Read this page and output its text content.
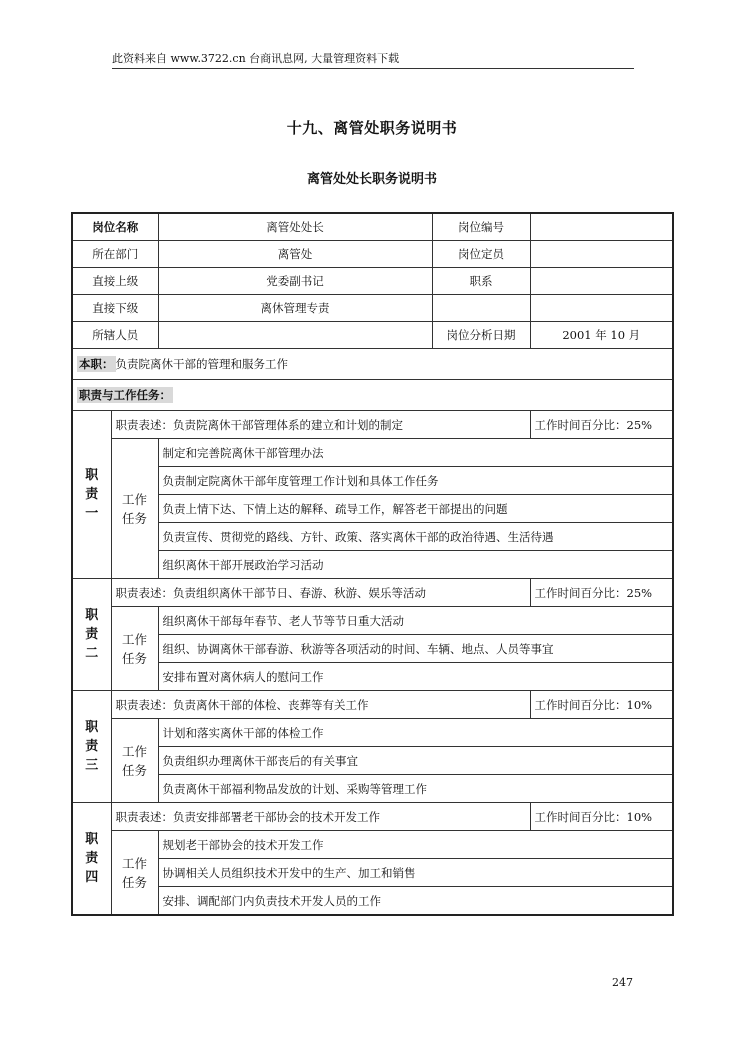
此资料来自 www.3722.cn 台商讯息网, 大量管理资料下载
十九、离管处职务说明书
离管处处长职务说明书
岗位名称		离管处处长	岗位编号	
所在部门		离管处	岗位定员	
直接上级		党委副书记	职系	
直接下级		离休管理专责		
所辖人员			岗位分析日期	2001 年 10 月
本职： 负责院离休干部的管理和服务工作				
职责与工作任务：				

职
责
一	职责表述：负责院离休干部管理体系的建立和计划的制定			工作时间百分比：25%

	工作
任务	制定和完善院离休干部管理办法		
		负责制定院离休干部年度管理工作计划和具体工作任务		
		负责上情下达、下情上达的解释、疏导工作，解答老干部提出的问题		
		负责宣传、贯彻党的路线、方针、政策、落实离休干部的政治待遇、生活待遇		
		组织离休干部开展政治学习活动		

职
责
二	职责表述：负责组织离休干部节日、春游、秋游、娱乐等活动			工作时间百分比：25%

	工作
任务	组织离休干部每年春节、老人节等节日重大活动		
		组织、协调离休干部春游、秋游等各项活动的时间、车辆、地点、人员等事宜		
		安排布置对离休病人的慰问工作		

职
责
三	职责表述：负责离休干部的体检、丧葬等有关工作			工作时间百分比：10%

	工作
任务	计划和落实离休干部的体检工作		
		负责组织办理离休干部丧后的有关事宜		
		负责离休干部福利物品发放的计划、采购等管理工作		

职
责
四	职责表述：负责安排部署老干部协会的技术开发工作			工作时间百分比：10%

	工作
任务	规划老干部协会的技术开发工作		
		协调相关人员组织技术开发中的生产、加工和销售		
		安排、调配部门内负责技术开发人员的工作		
247
